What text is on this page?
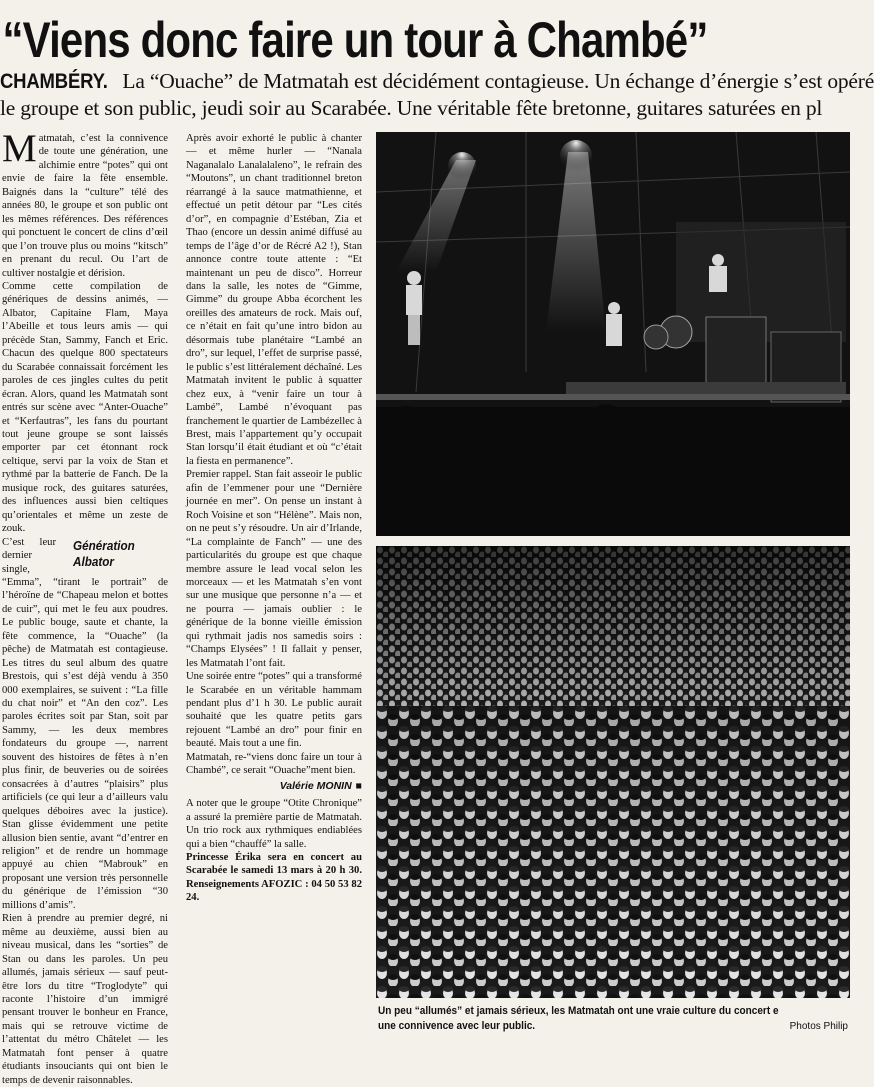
“Viens donc faire un tour à Chambé”
CHAMBÉRY. La “Ouache” de Matmatah est décidément contagieuse. Un échange d’énergie s’est opéré
le groupe et son public, jeudi soir au Scarabée. Une véritable fête bretonne, guitares saturées en pl

Matmatah, c’est la connivence de toute une génération, une alchimie entre “potes” qui ont envie de faire la fête ensemble. Baignés dans la “culture” télé des années 80, le groupe et son public ont les mêmes références. Des références qui ponctuent le concert de clins d’œil que l’on trouve plus ou moins “kitsch” en prenant du recul. Ou l’art de cultiver nostalgie et dérision.

Comme cette compilation de génériques de dessins animés, — Albator, Capitaine Flam, Maya l’Abeille et tous leurs amis — qui précède Stan, Sammy, Fanch et Eric. Chacun des quelque 800 spectateurs du Scarabée connaissait forcément les paroles de ces jingles cultes du petit écran. Alors, quand les Matmatah sont entrés sur scène avec “Anter-Ouache” et “Kerfautras”, les fans du pourtant tout jeune groupe se sont laissés emporter par cet étonnant rock celtique, servi par la voix de Stan et rythmé par la batterie de Fanch. De la musique rock, des guitares saturées, des influences aussi bien celtiques qu’orientales et même un zeste de zouk.

Génération Albator
C’est leur dernier single, “Emma”, “tirant le portrait” de l’héroïne de “Chapeau melon et bottes de cuir”, qui met le feu aux poudres. Le public bouge, saute et chante, la fête commence, la “Ouache” (la pêche) de Matmatah est contagieuse. Les titres du seul album des quatre Brestois, qui s’est déjà vendu à 350 000 exemplaires, se suivent : “La fille du chat noir” et “An den coz”. Les paroles écrites soit par Stan, soit par Sammy, — les deux membres fondateurs du groupe —, narrent souvent des histoires de fêtes à n’en plus finir, de beuveries ou de soirées consacrées à d’autres “plaisirs” plus artificiels (ce qui leur a d’ailleurs valu quelques déboires avec la justice). Stan glisse évidemment une petite allusion bien sentie, avant “d’entrer en religion” et de rendre un hommage appuyé au chien “Mabrouk” en proposant une version très personnelle du générique de l’émission “30 millions d’amis”.

Rien à prendre au premier degré, ni même au deuxième, aussi bien au niveau musical, dans les “sorties” de Stan ou dans les paroles. Un peu allumés, jamais sérieux — sauf peut-être lors du titre “Troglodyte” qui raconte l’histoire d’un immigré pensant trouver le bonheur en France, mais qui se retrouve victime de l’attentat du métro Châtelet — les Matmatah font penser à quatre étudiants insouciants qui ont bien le temps de devenir raisonnables.

Après avoir exhorté le public à chanter — et même hurler — “Nanala Naganalalo Lanalalaleno”, le refrain des “Moutons”, un chant traditionnel breton réarrangé à la sauce matmathienne, et effectué un petit détour par “Les cités d’or”, en compagnie d’Estéban, Zia et Thao (encore un dessin animé diffusé au temps de l’âge d’or de Récré A2 !), Stan annonce contre toute attente : “Et maintenant un peu de disco”. Horreur dans la salle, les notes de “Gimme, Gimme” du groupe Abba écorchent les oreilles des amateurs de rock. Mais ouf, ce n’était en fait qu’une intro bidon au désormais tube planétaire “Lambé an dro”, sur lequel, l’effet de surprise passé, le public s’est littéralement déchaîné. Les Matmatah invitent le public à squatter chez eux, à “venir faire un tour à Lambé”, Lambé n’évoquant pas franchement le quartier de Lambézellec à Brest, mais l’appartement qu’y occupait Stan lorsqu’il était étudiant et où “c’était la fiesta en permanence”.

Premier rappel. Stan fait asseoir le public afin de l’emmener pour une “Dernière journée en mer”. On pense un instant à Roch Voisine et son “Hélène”. Mais non, on ne peut s’y résoudre. Un air d’Irlande, “La complainte de Fanch” — une des particularités du groupe est que chaque membre assure le lead vocal selon les morceaux — et les Matmatah s’en vont sur une musique que personne n’a — et ne pourra — jamais oublier : le générique de la bonne vieille émission qui rythmait jadis nos samedis soirs : “Champs Elysées” ! Il fallait y penser, les Matmatah l’ont fait.

Une soirée entre “potes” qui a transformé le Scarabée en un véritable hammam pendant plus d’1 h 30. Le public aurait souhaité que les quatre petits gars rejouent “Lambé an dro” pour finir en beauté. Mais tout a une fin.

Matmatah, re-“viens donc faire un tour à Chambé”, ce serait “Ouache”ment bien.

Valérie MONIN ■

A noter que le groupe “Otite Chronique” a assuré la première partie de Matmatah. Un trio rock aux rythmiques endiablées qui a bien “chauffé” la salle.

Princesse Érika sera en concert au Scarabée le samedi 13 mars à 20 h 30. Renseignements AFOZIC : 04 50 53 82 24.

Un peu “allumés” et jamais sérieux, les Matmatah ont une vraie culture du concert e
une connivence avec leur public.	Photos Philip
